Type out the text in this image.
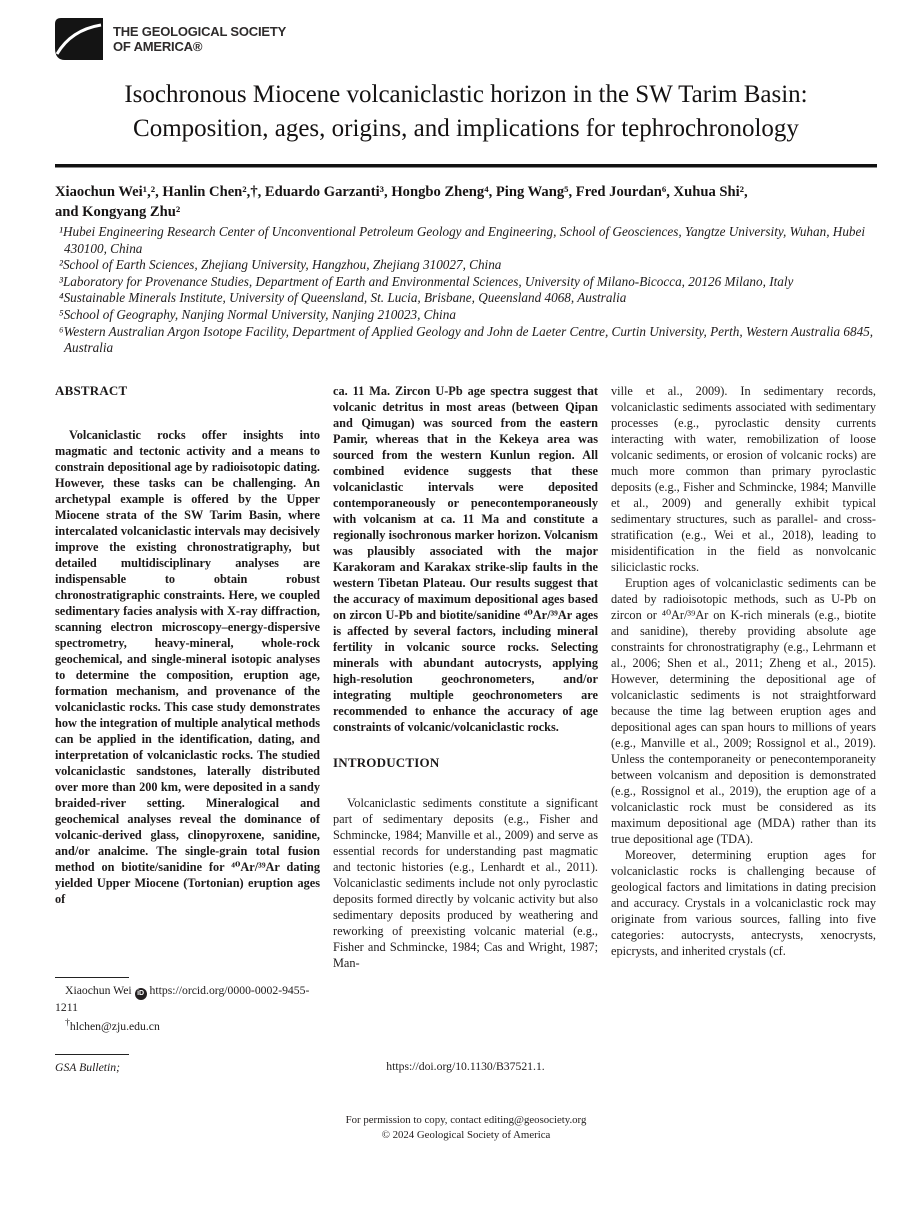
THE GEOLOGICAL SOCIETY
OF AMERICA®
Isochronous Miocene volcaniclastic horizon in the SW Tarim Basin:
Composition, ages, origins, and implications for tephrochronology
Xiaochun Wei¹,², Hanlin Chen²,†, Eduardo Garzanti³, Hongbo Zheng⁴, Ping Wang⁵, Fred Jourdan⁶, Xuhua Shi²,
and Kongyang Zhu²
¹Hubei Engineering Research Center of Unconventional Petroleum Geology and Engineering, School of Geosciences, Yangtze University, Wuhan, Hubei 430100, China
²School of Earth Sciences, Zhejiang University, Hangzhou, Zhejiang 310027, China
³Laboratory for Provenance Studies, Department of Earth and Environmental Sciences, University of Milano-Bicocca, 20126 Milano, Italy
⁴Sustainable Minerals Institute, University of Queensland, St. Lucia, Brisbane, Queensland 4068, Australia
⁵School of Geography, Nanjing Normal University, Nanjing 210023, China
⁶Western Australian Argon Isotope Facility, Department of Applied Geology and John de Laeter Centre, Curtin University, Perth, Western Australia 6845, Australia
ABSTRACT

Volcaniclastic rocks offer insights into magmatic and tectonic activity and a means to constrain depositional age by radioisotopic dating. However, these tasks can be challenging. An archetypal example is offered by the Upper Miocene strata of the SW Tarim Basin, where intercalated volcaniclastic intervals may decisively improve the existing chronostratigraphy, but detailed multidisciplinary analyses are indispensable to obtain robust chronostratigraphic constraints. Here, we coupled sedimentary facies analysis with X-ray diffraction, scanning electron microscopy–energy-dispersive spectrometry, heavy-mineral, whole-rock geochemical, and single-mineral isotopic analyses to determine the composition, eruption age, formation mechanism, and provenance of the volcaniclastic rocks. This case study demonstrates how the integration of multiple analytical methods can be applied in the identification, dating, and interpretation of volcaniclastic rocks. The studied volcaniclastic sandstones, laterally distributed over more than 200 km, were deposited in a sandy braided-river setting. Mineralogical and geochemical analyses reveal the dominance of volcanic-derived glass, clinopyroxene, sanidine, and/or analcime. The single-grain total fusion method on biotite/sanidine for ⁴⁰Ar/³⁹Ar dating yielded Upper Miocene (Tortonian) eruption ages of

Xiaochun Wei iD https://orcid.org/0000-0002-9455-1211
†hlchen@zju.edu.cn
GSA Bulletin;

ca. 11 Ma. Zircon U-Pb age spectra suggest that volcanic detritus in most areas (between Qipan and Qimugan) was sourced from the eastern Pamir, whereas that in the Kekeya area was sourced from the western Kunlun region. All combined evidence suggests that these volcaniclastic intervals were deposited contemporaneously or penecontemporaneously with volcanism at ca. 11 Ma and constitute a regionally isochronous marker horizon. Volcanism was plausibly associated with the major Karakoram and Karakax strike-slip faults in the western Tibetan Plateau. Our results suggest that the accuracy of maximum depositional ages based on zircon U-Pb and biotite/sanidine ⁴⁰Ar/³⁹Ar ages is affected by several factors, including mineral fertility in volcanic source rocks. Selecting minerals with abundant autocrysts, applying high-resolution geochronometers, and/or integrating multiple geochronometers are recommended to enhance the accuracy of age constraints of volcanic/volcaniclastic rocks.

INTRODUCTION

Volcaniclastic sediments constitute a significant part of sedimentary deposits (e.g., Fisher and Schmincke, 1984; Manville et al., 2009) and serve as essential records for understanding past magmatic and tectonic histories (e.g., Lenhardt et al., 2011). Volcaniclastic sediments include not only pyroclastic deposits formed directly by volcanic activity but also sedimentary deposits produced by weathering and reworking of preexisting volcanic material (e.g., Fisher and Schmincke, 1984; Cas and Wright, 1987; Man-

https://doi.org/10.1130/B37521.1.

ville et al., 2009). In sedimentary records, volcaniclastic sediments associated with sedimentary processes (e.g., pyroclastic density currents interacting with water, remobilization of loose volcanic sediments, or erosion of volcanic rocks) are much more common than primary pyroclastic deposits (e.g., Fisher and Schmincke, 1984; Manville et al., 2009) and generally exhibit typical sedimentary structures, such as parallel- and cross-stratification (e.g., Wei et al., 2018), leading to misidentification in the field as nonvolcanic siliciclastic rocks.

Eruption ages of volcaniclastic sediments can be dated by radioisotopic methods, such as U-Pb on zircon or ⁴⁰Ar/³⁹Ar on K-rich minerals (e.g., biotite and sanidine), thereby providing absolute age constraints for chronostratigraphy (e.g., Lehrmann et al., 2006; Shen et al., 2011; Zheng et al., 2015). However, determining the depositional age of volcaniclastic sediments is not straightforward because the time lag between eruption ages and depositional ages can span hours to millions of years (e.g., Manville et al., 2009; Rossignol et al., 2019). Unless the contemporaneity or penecontemporaneity between volcanism and deposition is demonstrated (e.g., Rossignol et al., 2019), the eruption age of a volcaniclastic rock must be considered as its maximum depositional age (MDA) rather than its true depositional age (TDA).

Moreover, determining eruption ages for volcaniclastic rocks is challenging because of geological factors and limitations in dating precision and accuracy. Crystals in a volcaniclastic rock may originate from various sources, falling into five categories: autocrysts, antecrysts, xenocrysts, epicrysts, and inherited crystals (cf.

For permission to copy, contact editing@geosociety.org
© 2024 Geological Society of America
